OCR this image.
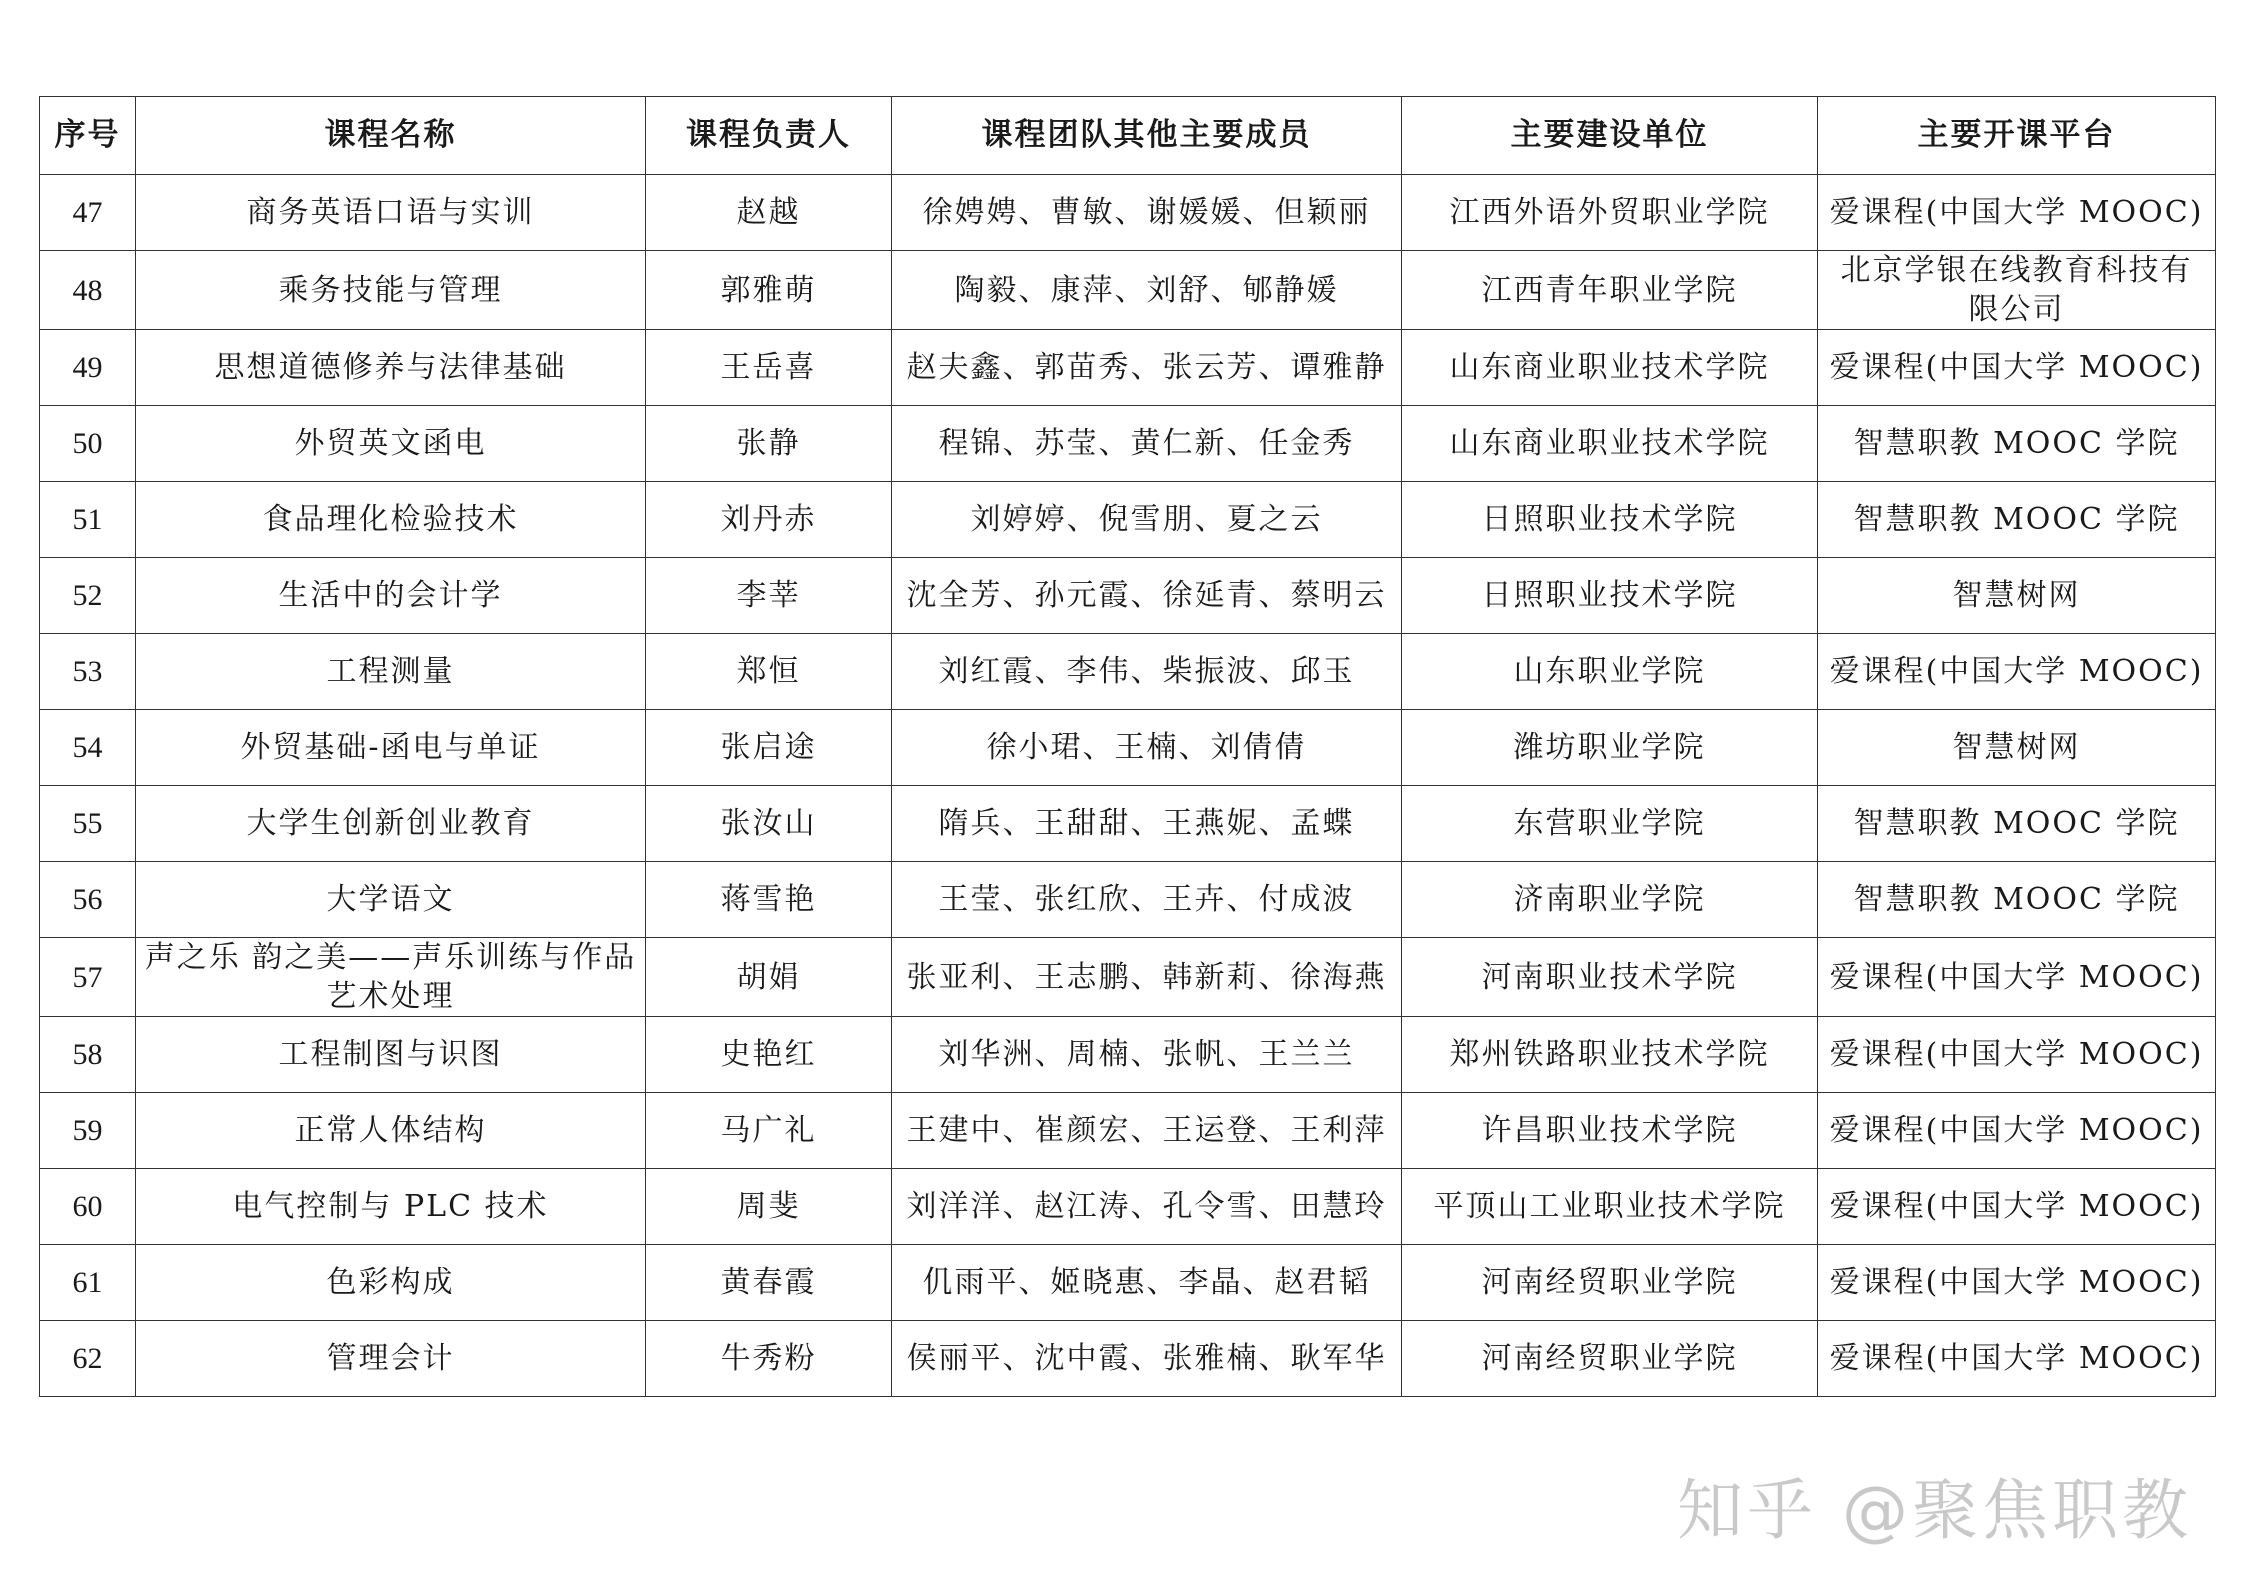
序号	课程名称	课程负责人	课程团队其他主要成员	主要建设单位	主要开课平台
47	商务英语口语与实训	赵越	徐娉娉、曹敏、谢媛媛、但颖丽	江西外语外贸职业学院	爱课程(中国大学 MOOC)
48	乘务技能与管理	郭雅萌	陶毅、康萍、刘舒、郇静媛	江西青年职业学院	北京学银在线教育科技有限公司
49	思想道德修养与法律基础	王岳喜	赵夫鑫、郭苗秀、张云芳、谭雅静	山东商业职业技术学院	爱课程(中国大学 MOOC)
50	外贸英文函电	张静	程锦、苏莹、黄仁新、任金秀	山东商业职业技术学院	智慧职教 MOOC 学院
51	食品理化检验技术	刘丹赤	刘婷婷、倪雪朋、夏之云	日照职业技术学院	智慧职教 MOOC 学院
52	生活中的会计学	李莘	沈全芳、孙元霞、徐延青、蔡明云	日照职业技术学院	智慧树网
53	工程测量	郑恒	刘红霞、李伟、柴振波、邱玉	山东职业学院	爱课程(中国大学 MOOC)
54	外贸基础-函电与单证	张启途	徐小珺、王楠、刘倩倩	潍坊职业学院	智慧树网
55	大学生创新创业教育	张汝山	隋兵、王甜甜、王燕妮、孟蝶	东营职业学院	智慧职教 MOOC 学院
56	大学语文	蒋雪艳	王莹、张红欣、王卉、付成波	济南职业学院	智慧职教 MOOC 学院
57	声之乐 韵之美——声乐训练与作品艺术处理	胡娟	张亚利、王志鹏、韩新莉、徐海燕	河南职业技术学院	爱课程(中国大学 MOOC)
58	工程制图与识图	史艳红	刘华洲、周楠、张帆、王兰兰	郑州铁路职业技术学院	爱课程(中国大学 MOOC)
59	正常人体结构	马广礼	王建中、崔颜宏、王运登、王利萍	许昌职业技术学院	爱课程(中国大学 MOOC)
60	电气控制与 PLC 技术	周斐	刘洋洋、赵江涛、孔令雪、田慧玲	平顶山工业职业技术学院	爱课程(中国大学 MOOC)
61	色彩构成	黄春霞	仉雨平、姬晓惠、李晶、赵君韬	河南经贸职业学院	爱课程(中国大学 MOOC)
62	管理会计	牛秀粉	侯丽平、沈中霞、张雅楠、耿军华	河南经贸职业学院	爱课程(中国大学 MOOC)
知乎 @聚焦职教
